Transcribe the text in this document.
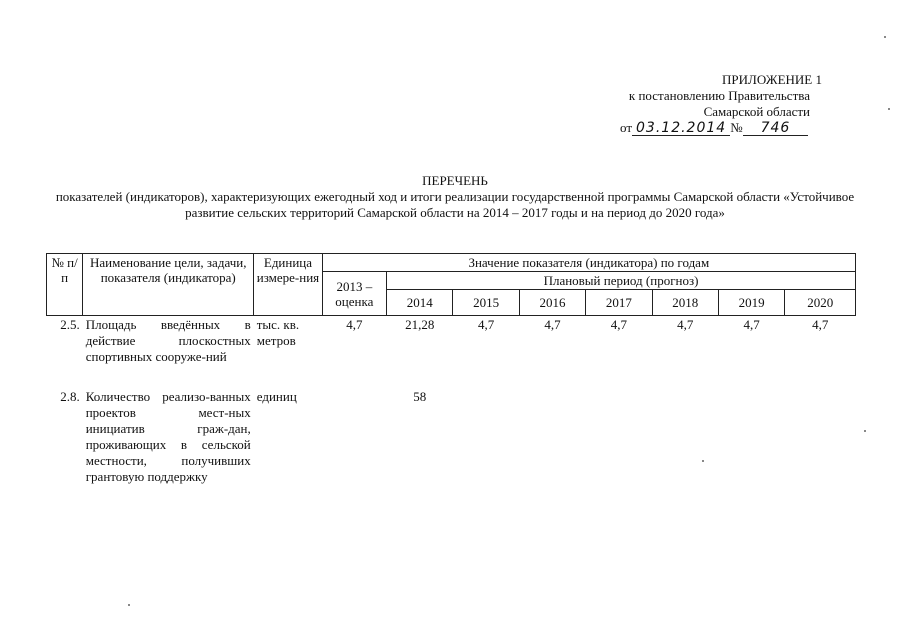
ПРИЛОЖЕНИЕ 1
к постановлению Правительства
Самарской области
от 03.12.2014 № 746
ПЕРЕЧЕНЬ
показателей (индикаторов), характеризующих ежегодный ход и итоги реализации государственной программы Самарской области «Устойчивое развитие сельских территорий Самарской области на 2014 – 2017 годы и на период до 2020 года»
№ п/п	Наименование цели, задачи, показателя (индикатора)	Единица измере-ния	Значение показателя (индикатора) по годам							
			2013 – оценка	Плановый период (прогноз)						
				2014	2015	2016	2017	2018	2019	2020
2.5.	Площадь введённых в действие плоскостных спортивных сооруже-ний	тыс. кв. метров	4,7	21,28	4,7	4,7	4,7	4,7	4,7	4,7

2.8.	Количество реализо-ванных проектов мест-ных инициатив граж-дан, проживающих в сельской местности, получивших грантовую поддержку	единиц		58						
